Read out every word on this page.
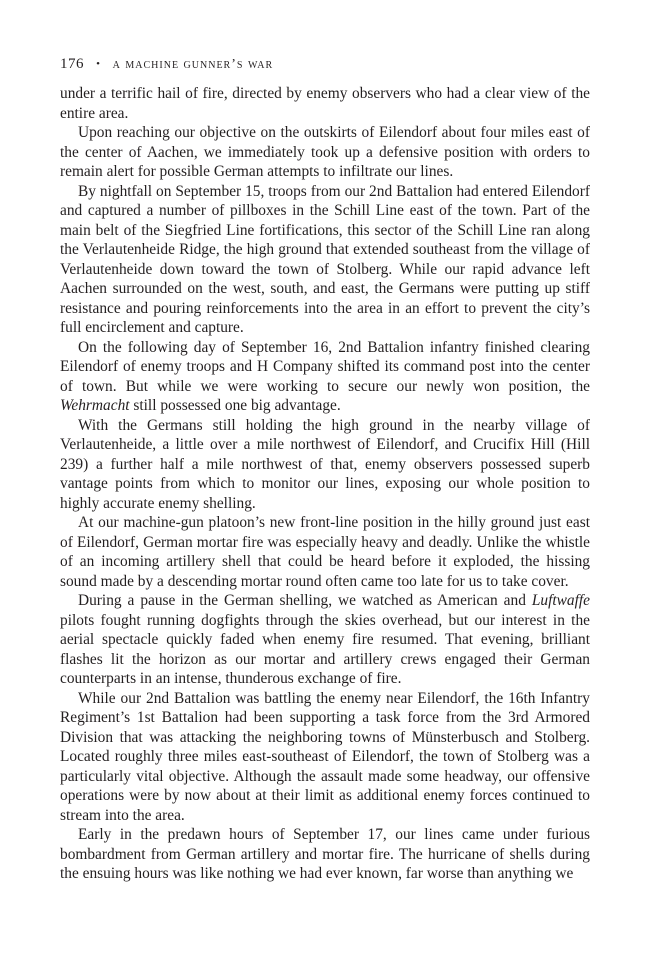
176 • a machine gunner’s war

under a terrific hail of fire, directed by enemy observers who had a clear view of the entire area.

Upon reaching our objective on the outskirts of Eilendorf about four miles east of the center of Aachen, we immediately took up a defensive position with orders to remain alert for possible German attempts to infiltrate our lines.

By nightfall on September 15, troops from our 2nd Battalion had entered Eilendorf and captured a number of pillboxes in the Schill Line east of the town. Part of the main belt of the Siegfried Line fortifications, this sector of the Schill Line ran along the Verlautenheide Ridge, the high ground that extended southeast from the village of Verlautenheide down toward the town of Stolberg. While our rapid advance left Aachen surrounded on the west, south, and east, the Germans were putting up stiff resistance and pouring reinforcements into the area in an effort to prevent the city’s full encirclement and capture.

On the following day of September 16, 2nd Battalion infantry finished clearing Eilendorf of enemy troops and H Company shifted its command post into the center of town. But while we were working to secure our newly won position, the Wehrmacht still possessed one big advantage.

With the Germans still holding the high ground in the nearby village of Verlautenheide, a little over a mile northwest of Eilendorf, and Crucifix Hill (Hill 239) a further half a mile northwest of that, enemy observers possessed superb vantage points from which to monitor our lines, exposing our whole position to highly accurate enemy shelling.

At our machine-gun platoon’s new front-line position in the hilly ground just east of Eilendorf, German mortar fire was especially heavy and deadly. Unlike the whistle of an incoming artillery shell that could be heard before it exploded, the hissing sound made by a descending mortar round often came too late for us to take cover.

During a pause in the German shelling, we watched as American and Luftwaffe pilots fought running dogfights through the skies overhead, but our interest in the aerial spectacle quickly faded when enemy fire resumed. That evening, brilliant flashes lit the horizon as our mortar and artillery crews engaged their German counterparts in an intense, thunderous exchange of fire.

While our 2nd Battalion was battling the enemy near Eilendorf, the 16th Infantry Regiment’s 1st Battalion had been supporting a task force from the 3rd Armored Division that was attacking the neighboring towns of Münsterbusch and Stolberg. Located roughly three miles east-southeast of Eilendorf, the town of Stolberg was a particularly vital objective. Although the assault made some headway, our offensive operations were by now about at their limit as additional enemy forces continued to stream into the area.

Early in the predawn hours of September 17, our lines came under furious bombardment from German artillery and mortar fire. The hurricane of shells during the ensuing hours was like nothing we had ever known, far worse than anything we
